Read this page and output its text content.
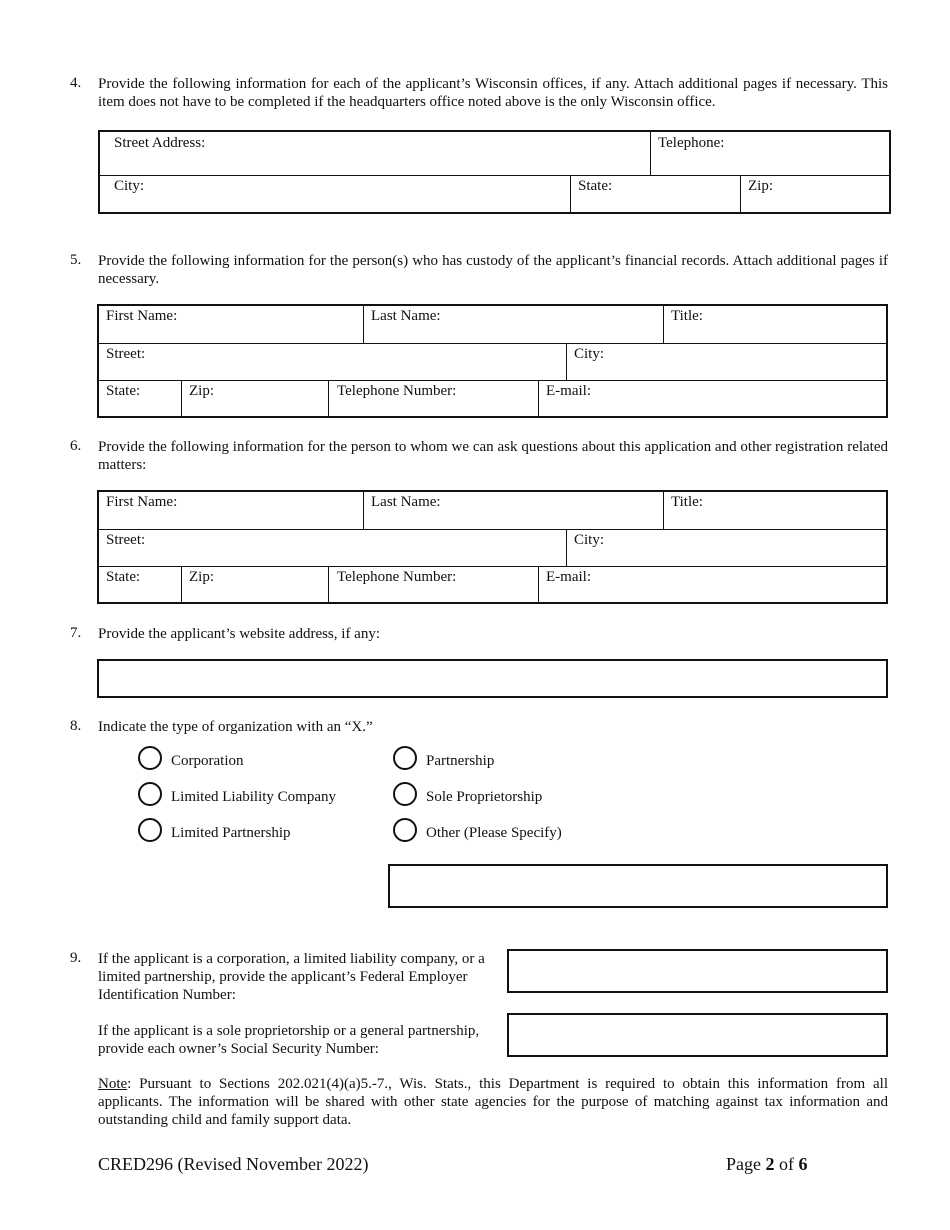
4. Provide the following information for each of the applicant’s Wisconsin offices, if any. Attach additional pages if necessary. This item does not have to be completed if the headquarters office noted above is the only Wisconsin office.
Street Address:	Telephone:
City:	State:	Zip:
5. Provide the following information for the person(s) who has custody of the applicant’s financial records. Attach additional pages if necessary.
First Name:	Last Name:	Title:
Street:	City:
State:	Zip:	Telephone Number:	E-mail:
6. Provide the following information for the person to whom we can ask questions about this application and other registration related matters:
First Name:	Last Name:	Title:
Street:	City:
State:	Zip:	Telephone Number:	E-mail:
7. Provide the applicant’s website address, if any:
8. Indicate the type of organization with an “X.”
Corporation
Limited Liability Company
Limited Partnership
Partnership
Sole Proprietorship
Other (Please Specify)
9. If the applicant is a corporation, a limited liability company, or a limited partnership, provide the applicant’s Federal Employer Identification Number:
If the applicant is a sole proprietorship or a general partnership, provide each owner’s Social Security Number:
Note: Pursuant to Sections 202.021(4)(a)5.-7., Wis. Stats., this Department is required to obtain this information from all applicants. The information will be shared with other state agencies for the purpose of matching against tax information and outstanding child and family support data.
CRED296 (Revised November 2022)	Page 2 of 6
